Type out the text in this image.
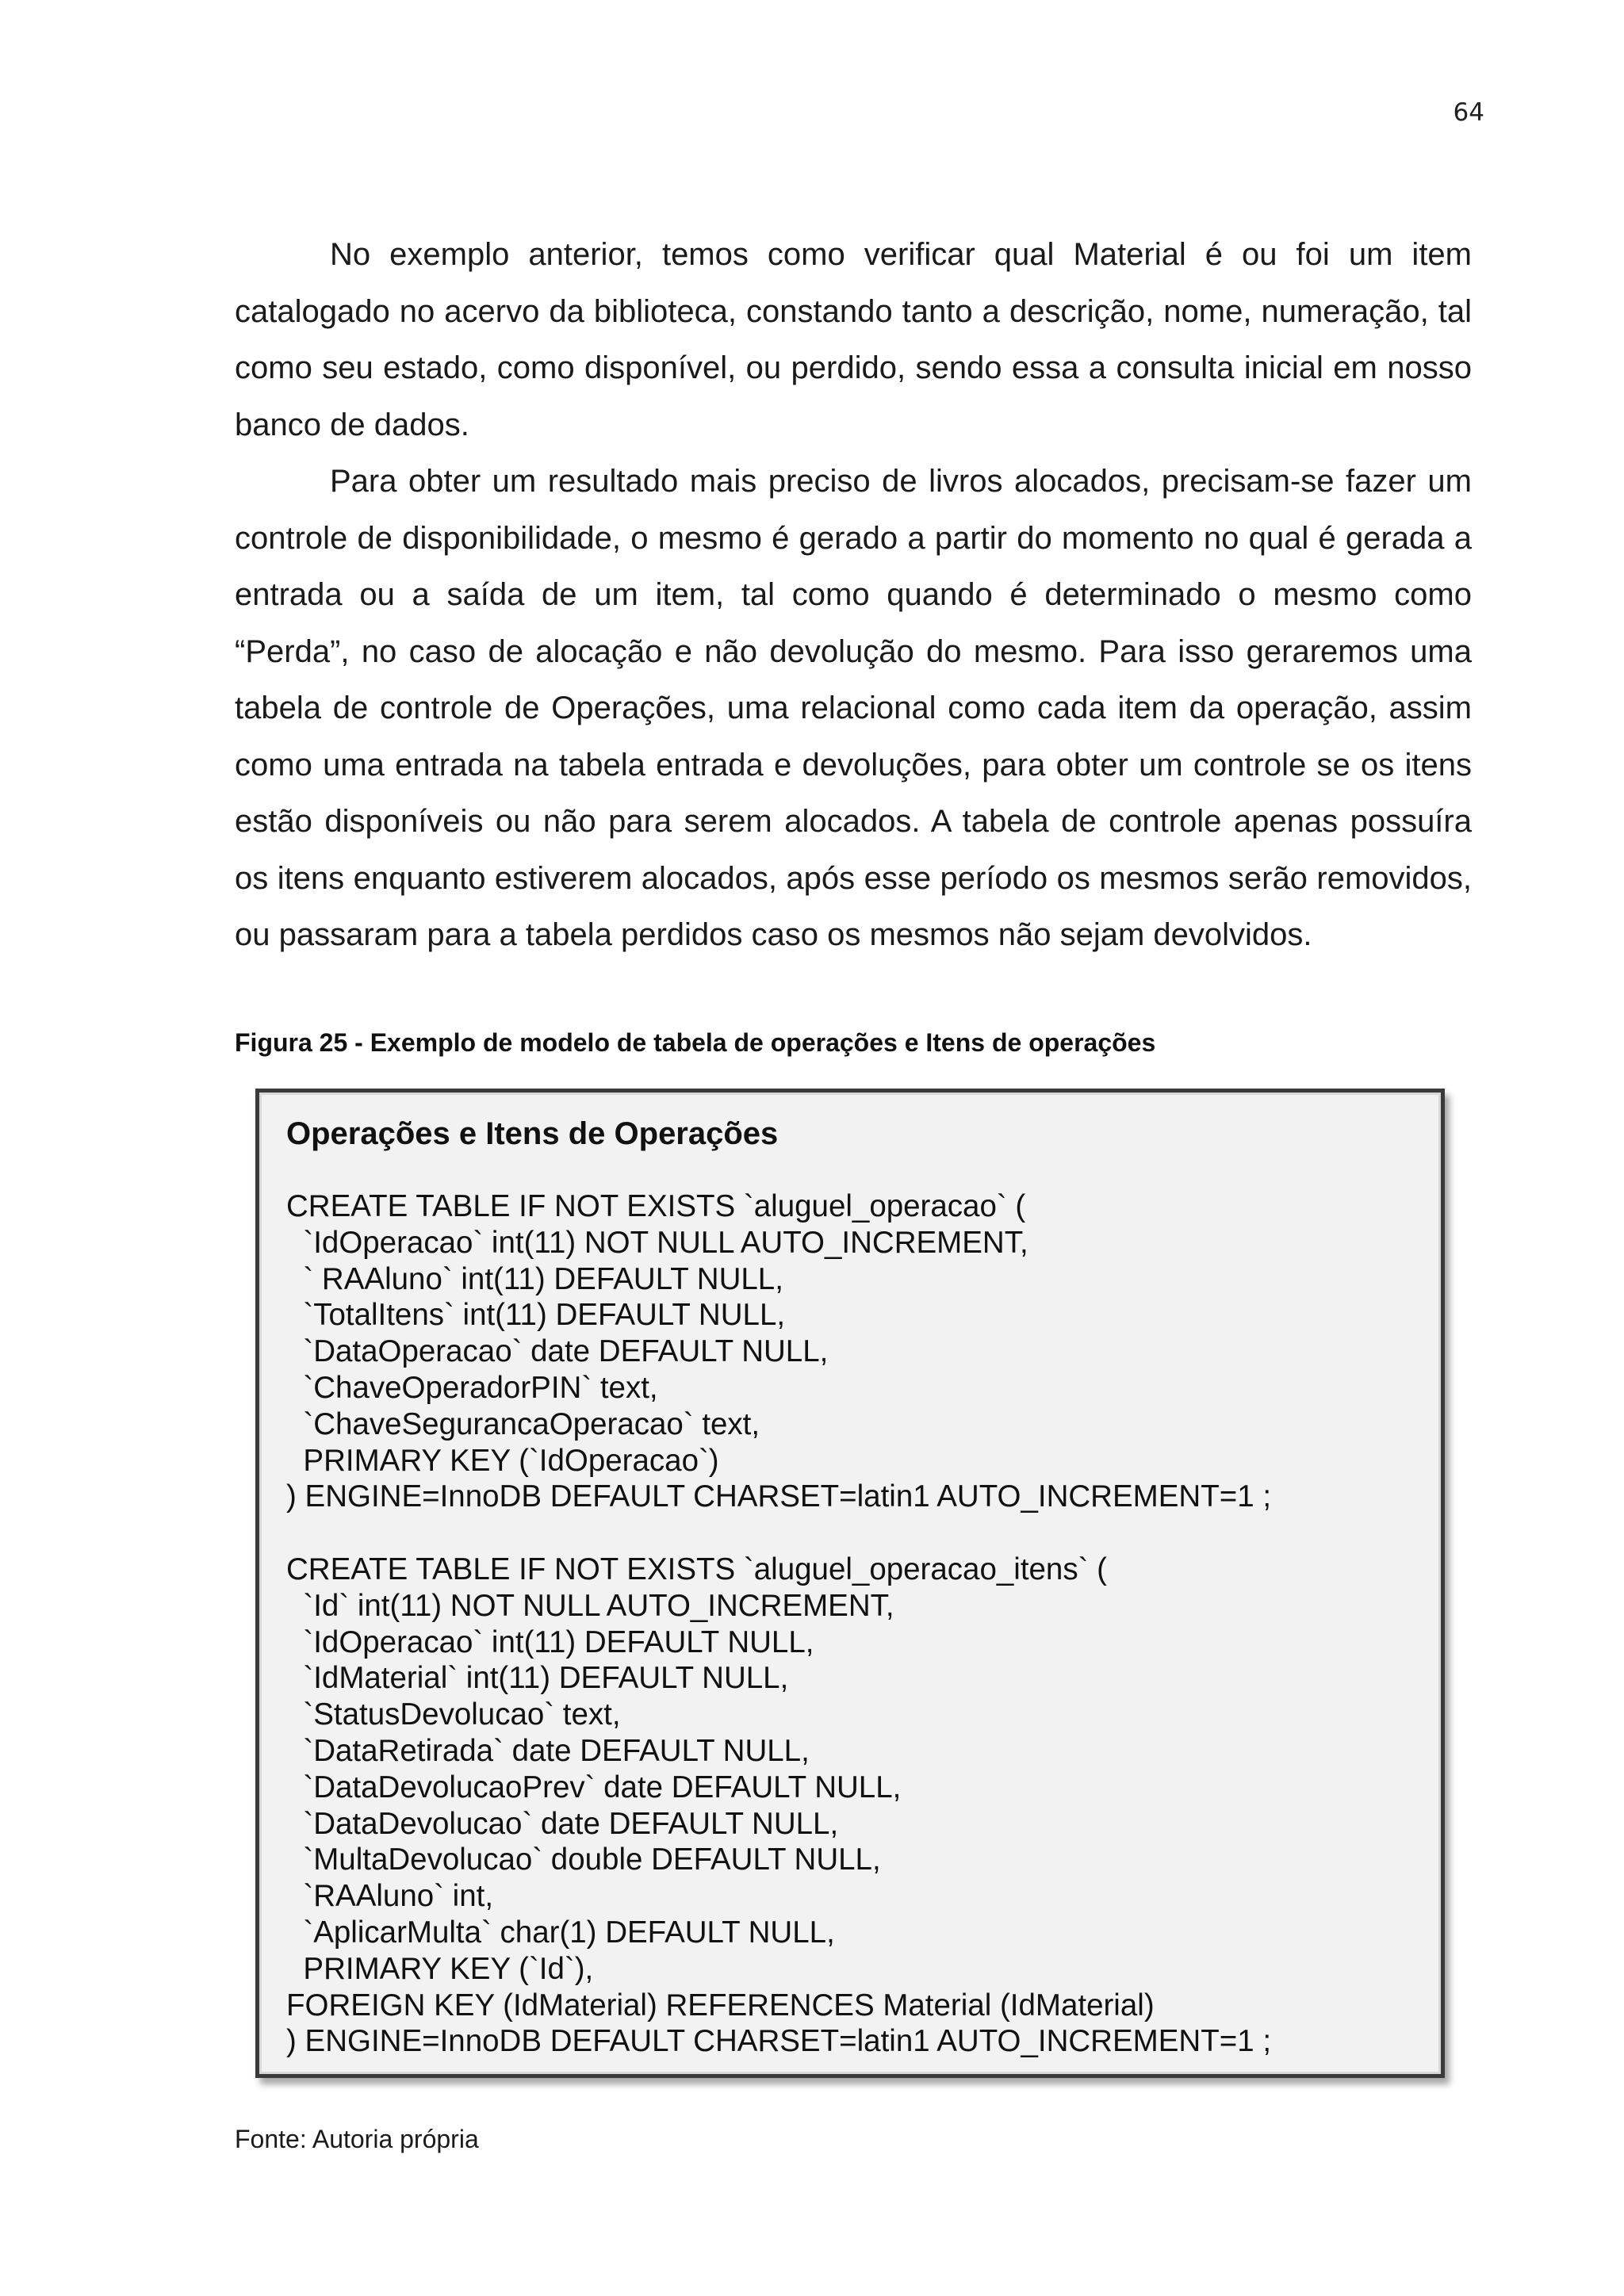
64

No exemplo anterior, temos como verificar qual Material é ou foi um item catalogado no acervo da biblioteca, constando tanto a descrição, nome, numeração, tal como seu estado, como disponível, ou perdido, sendo essa a consulta inicial em nosso banco de dados.

Para obter um resultado mais preciso de livros alocados, precisam-se fazer um controle de disponibilidade, o mesmo é gerado a partir do momento no qual é gerada a entrada ou a saída de um item, tal como quando é determinado o mesmo como “Perda”, no caso de alocação e não devolução do mesmo. Para isso geraremos uma tabela de controle de Operações, uma relacional como cada item da operação, assim como uma entrada na tabela entrada e devoluções, para obter um controle se os itens estão disponíveis ou não para serem alocados. A tabela de controle apenas possuíra os itens enquanto estiverem alocados, após esse período os mesmos serão removidos, ou passaram para a tabela perdidos caso os mesmos não sejam devolvidos.

Figura 25 - Exemplo de modelo de tabela de operações e Itens de operações

Operações e Itens de Operações

CREATE TABLE IF NOT EXISTS `aluguel_operacao` (
`IdOperacao` int(11) NOT NULL AUTO_INCREMENT,
` RAAluno` int(11) DEFAULT NULL,
`TotalItens` int(11) DEFAULT NULL,
`DataOperacao` date DEFAULT NULL,
`ChaveOperadorPIN` text,
`ChaveSegurancaOperacao` text,
PRIMARY KEY (`IdOperacao`)
) ENGINE=InnoDB DEFAULT CHARSET=latin1 AUTO_INCREMENT=1 ;
CREATE TABLE IF NOT EXISTS `aluguel_operacao_itens` (
`Id` int(11) NOT NULL AUTO_INCREMENT,
`IdOperacao` int(11) DEFAULT NULL,
`IdMaterial` int(11) DEFAULT NULL,
`StatusDevolucao` text,
`DataRetirada` date DEFAULT NULL,
`DataDevolucaoPrev` date DEFAULT NULL,
`DataDevolucao` date DEFAULT NULL,
`MultaDevolucao` double DEFAULT NULL,
`RAAluno` int,
`AplicarMulta` char(1) DEFAULT NULL,
PRIMARY KEY (`Id`),
FOREIGN KEY (IdMaterial) REFERENCES Material (IdMaterial)
) ENGINE=InnoDB DEFAULT CHARSET=latin1 AUTO_INCREMENT=1 ;

Fonte: Autoria própria
